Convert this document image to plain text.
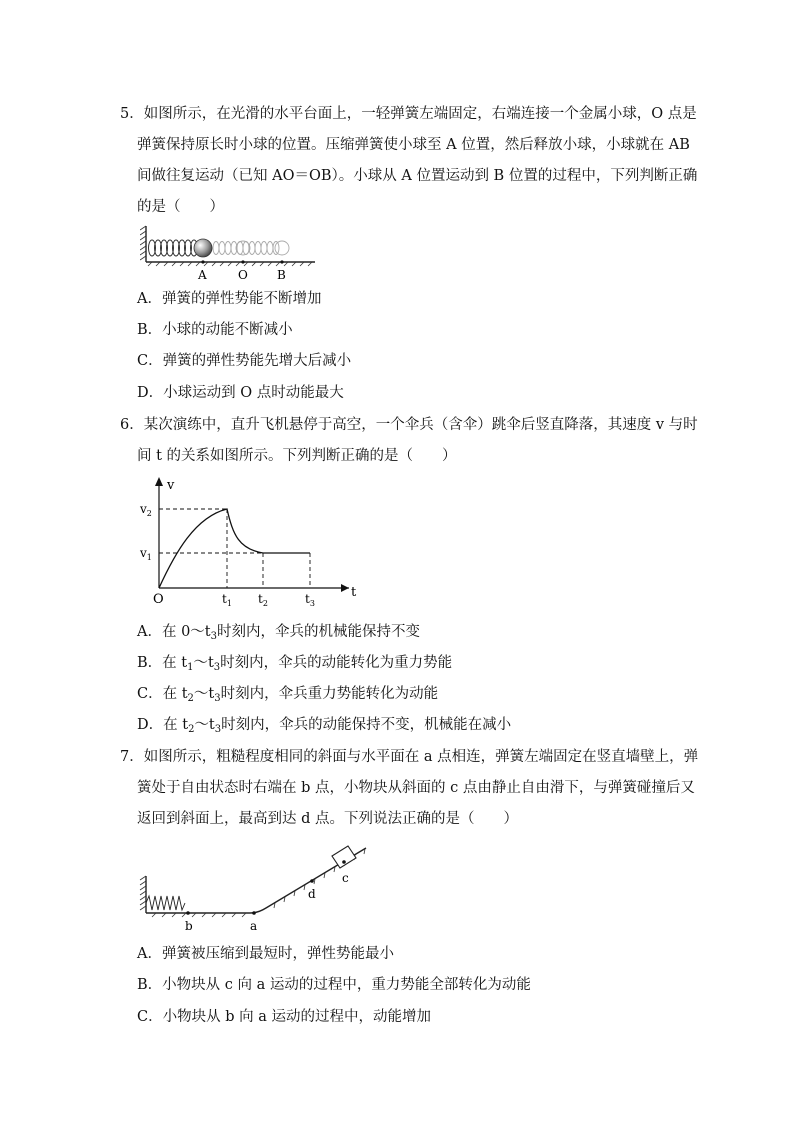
5．如图所示，在光滑的水平台面上，一轻弹簧左端固定，右端连接一个金属小球，O 点是
弹簧保持原长时小球的位置。压缩弹簧使小球至 A 位置，然后释放小球，小球就在 AB
间做往复运动（已知 AO＝OB）。小球从 A 位置运动到 B 位置的过程中，下列判断正确
的是（　　）
A	O B
A．弹簧的弹性势能不断增加
B．小球的动能不断减小
C．弹簧的弹性势能先增大后减小
D．小球运动到 O 点时动能最大
6．某次演练中，直升飞机悬停于高空，一个伞兵（含伞）跳伞后竖直降落，其速度 v 与时
间 t 的关系如图所示。下列判断正确的是（　　）
v
t
O
$v_2$
$v_1$
$t_1$ $t_2$	$t_3$
A．在 $0\sim t_3$时刻内，伞兵的机械能保持不变
B．在 $t_1\sim t_3$时刻内，伞兵的动能转化为重力势能
C．在 $t_2\sim t_3$时刻内，伞兵重力势能转化为动能
D．在 $t_2\sim t_3$时刻内，伞兵的动能保持不变，机械能在减小
7．如图所示，粗糙程度相同的斜面与水平面在 a 点相连，弹簧左端固定在竖直墙壁上，弹
簧处于自由状态时右端在 b 点，小物块从斜面的 c 点由静止自由滑下，与弹簧碰撞后又
返回到斜面上，最高到达 d 点。下列说法正确的是（　　）
b	a
d
c
A．弹簧被压缩到最短时，弹性势能最小
B．小物块从 c 向 a 运动的过程中，重力势能全部转化为动能
C．小物块从 b 向 a 运动的过程中，动能增加
